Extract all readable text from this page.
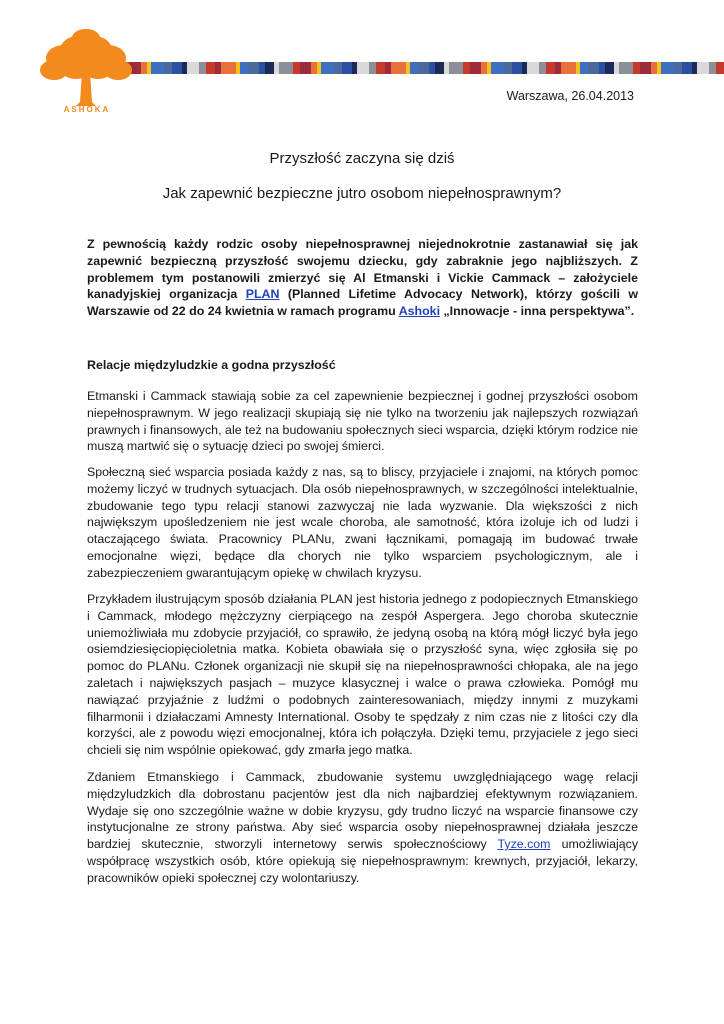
ASHOKA
Warszawa, 26.04.2013
Przyszłość zaczyna się dziś
Jak zapewnić bezpieczne jutro osobom niepełnosprawnym?
Z pewnością każdy rodzic osoby niepełnosprawnej niejednokrotnie zastanawiał się jak zapewnić bezpieczną przyszłość swojemu dziecku, gdy zabraknie jego najbliższych. Z problemem tym postanowili zmierzyć się Al Etmanski i Vickie Cammack – założyciele kanadyjskiej organizacja PLAN (Planned Lifetime Advocacy Network), którzy gościli w Warszawie od 22 do 24 kwietnia w ramach programu Ashoki „Innowacje - inna perspektywa”.
Relacje międzyludzkie a godna przyszłość
Etmanski i Cammack stawiają sobie za cel zapewnienie bezpiecznej i godnej przyszłości osobom niepełnosprawnym. W jego realizacji skupiają się nie tylko na tworzeniu jak najlepszych rozwiązań prawnych i finansowych, ale też na budowaniu społecznych sieci wsparcia, dzięki którym rodzice nie muszą martwić się o sytuację dzieci po swojej śmierci.
Społeczną sieć wsparcia posiada każdy z nas, są to bliscy, przyjaciele i znajomi, na których pomoc możemy liczyć w trudnych sytuacjach. Dla osób niepełnosprawnych, w szczególności intelektualnie, zbudowanie tego typu relacji stanowi zazwyczaj nie lada wyzwanie. Dla większości z nich największym upośledzeniem nie jest wcale choroba, ale samotność, która izoluje ich od ludzi i otaczającego świata. Pracownicy PLANu, zwani łącznikami, pomagają im budować trwałe emocjonalne więzi, będące dla chorych nie tylko wsparciem psychologicznym, ale i zabezpieczeniem gwarantującym opiekę w chwilach kryzysu.
Przykładem ilustrującym sposób działania PLAN jest historia jednego z podopiecznych Etmanskiego i Cammack, młodego mężczyzny cierpiącego na zespół Aspergera. Jego choroba skutecznie uniemożliwiała mu zdobycie przyjaciół, co sprawiło, że jedyną osobą na którą mógł liczyć była jego osiemdziesięciopięcioletnia matka. Kobieta obawiała się o przyszłość syna, więc zgłosiła się po pomoc do PLANu. Członek organizacji nie skupił się na niepełnosprawności chłopaka, ale na jego zaletach i największych pasjach – muzyce klasycznej i walce o prawa człowieka. Pomógł mu nawiązać przyjaźnie z ludźmi o podobnych zainteresowaniach, między innymi z muzykami filharmonii i działaczami Amnesty International. Osoby te spędzały z nim czas nie z litości czy dla korzyści, ale z powodu więzi emocjonalnej, która ich połączyła. Dzięki temu, przyjaciele z jego sieci chcieli się nim wspólnie opiekować, gdy zmarła jego matka.
Zdaniem Etmanskiego i Cammack, zbudowanie systemu uwzględniającego wagę relacji międzyludzkich dla dobrostanu pacjentów jest dla nich najbardziej efektywnym rozwiązaniem. Wydaje się ono szczególnie ważne w dobie kryzysu, gdy trudno liczyć na wsparcie finansowe czy instytucjonalne ze strony państwa. Aby sieć wsparcia osoby niepełnosprawnej działała jeszcze bardziej skutecznie, stworzyli internetowy serwis społecznościowy Tyze.com umożliwiający współpracę wszystkich osób, które opiekują się niepełnosprawnym: krewnych, przyjaciół, lekarzy, pracowników opieki społecznej czy wolontariuszy.
